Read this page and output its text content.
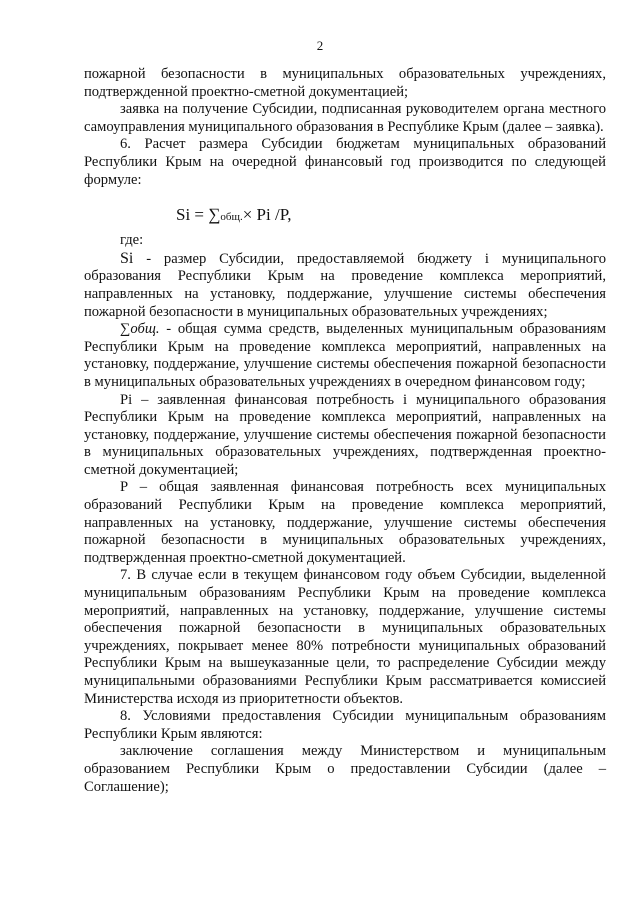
2

пожарной безопасности в муниципальных образовательных учреждениях, подтвержденной проектно-сметной документацией;

заявка на получение Субсидии, подписанная руководителем органа местного самоуправления муниципального образования в Республике Крым (далее – заявка).

6. Расчет размера Субсидии бюджетам муниципальных образований Республики Крым на очередной финансовый год производится по следующей формуле:

Si = ∑общ.× Pi /P,

где:

Si - размер Субсидии, предоставляемой бюджету i муниципального образования Республики Крым на проведение комплекса мероприятий, направленных на установку, поддержание, улучшение системы обеспечения пожарной безопасности в муниципальных образовательных учреждениях;

∑общ. - общая сумма средств, выделенных муниципальным образованиям Республики Крым на проведение комплекса мероприятий, направленных на установку, поддержание, улучшение системы обеспечения пожарной безопасности в муниципальных образовательных учреждениях в очередном финансовом году;

Pi – заявленная финансовая потребность i муниципального образования Республики Крым на проведение комплекса мероприятий, направленных на установку, поддержание, улучшение системы обеспечения пожарной безопасности в муниципальных образовательных учреждениях, подтвержденная проектно-сметной документацией;

P – общая заявленная финансовая потребность всех муниципальных образований Республики Крым на проведение комплекса мероприятий, направленных на установку, поддержание, улучшение системы обеспечения пожарной безопасности в муниципальных образовательных учреждениях, подтвержденная проектно-сметной документацией.

7. В случае если в текущем финансовом году объем Субсидии, выделенной муниципальным образованиям Республики Крым на проведение комплекса мероприятий, направленных на установку, поддержание, улучшение системы обеспечения пожарной безопасности в муниципальных образовательных учреждениях, покрывает менее 80% потребности муниципальных образований Республики Крым на вышеуказанные цели, то распределение Субсидии между муниципальными образованиями Республики Крым рассматривается комиссией Министерства исходя из приоритетности объектов.

8. Условиями предоставления Субсидии муниципальным образованиям Республики Крым являются:

заключение соглашения между Министерством и муниципальным образованием Республики Крым о предоставлении Субсидии (далее – Соглашение);
